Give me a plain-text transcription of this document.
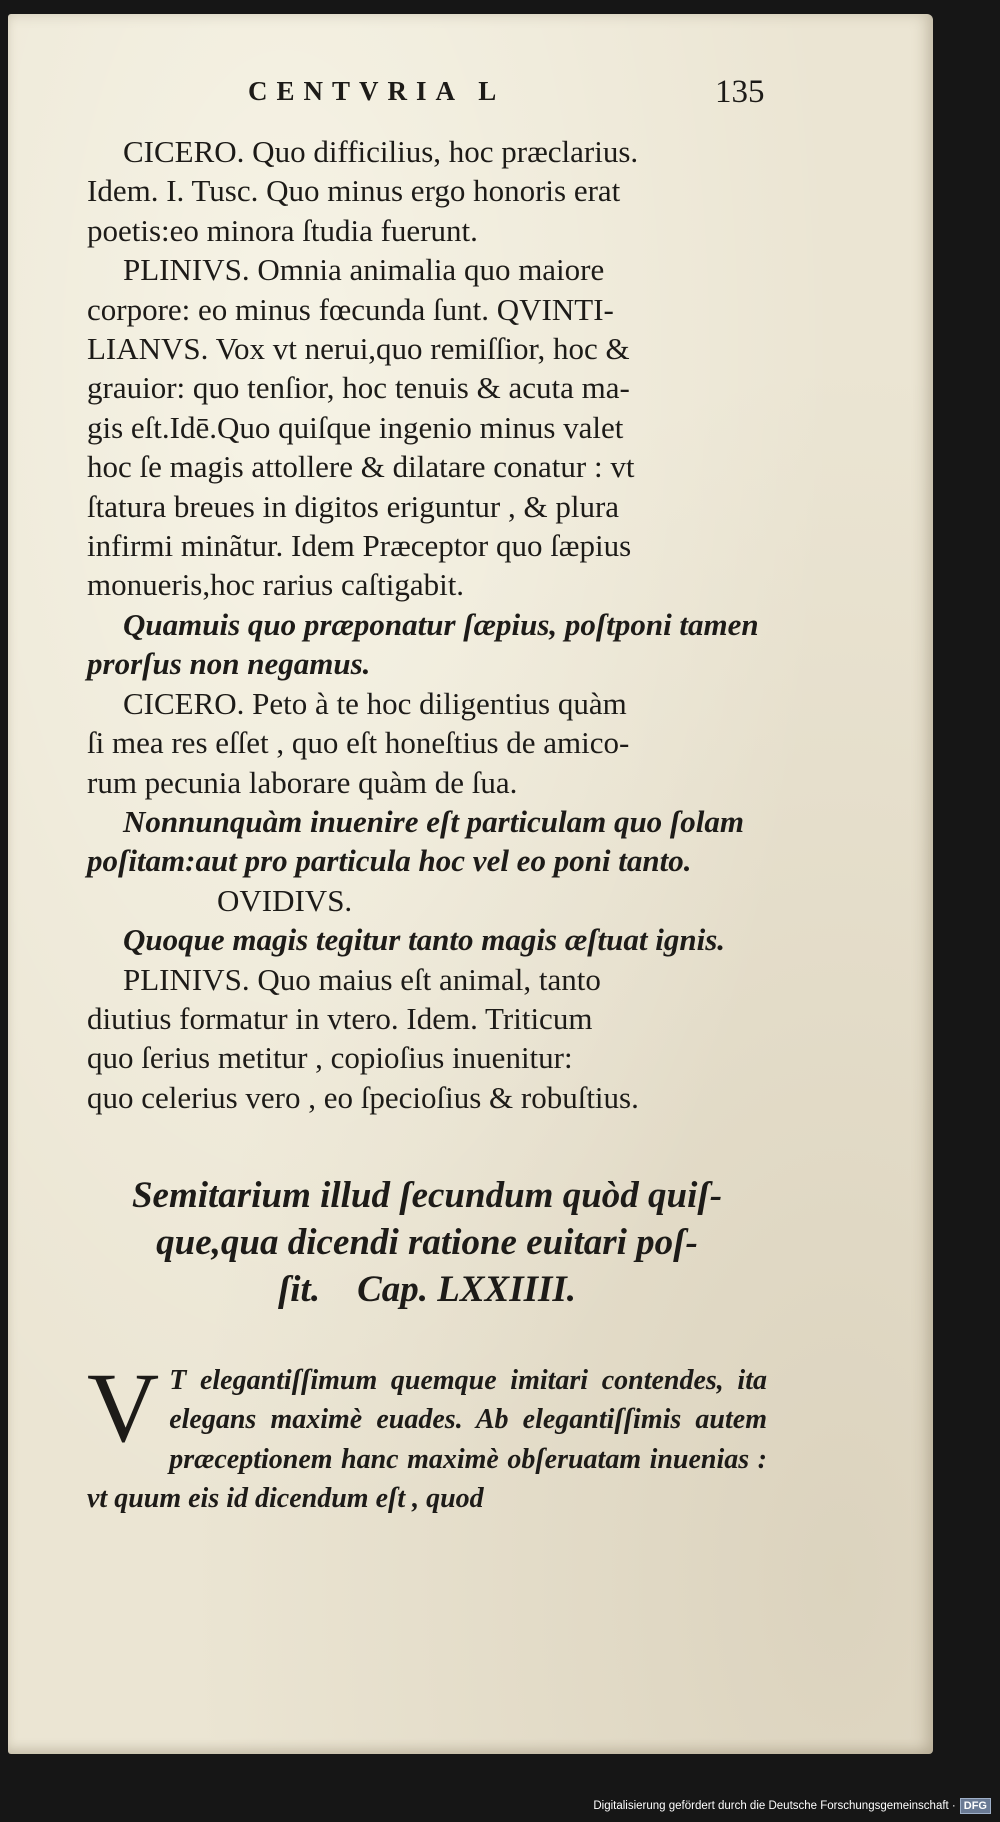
CENTVRIA L	135

CICERO. Quo difficilius, hoc præclarius.

Idem. I. Tusc. Quo minus ergo honoris erat

poetis:eo minora ſtudia fuerunt.

PLINIVS. Omnia animalia quo maiore

corpore: eo minus fœcunda ſunt. QVINTI-

LIANVS. Vox vt nerui,quo remiſſior, hoc &

grauior: quo tenſior, hoc tenuis & acuta ma-

gis eſt.Idē.Quo quiſque ingenio minus valet

hoc ſe magis attollere & dilatare conatur : vt

ſtatura breues in digitos eriguntur , & plura

infirmi minãtur. Idem Præceptor quo ſæpius

monueris,hoc rarius caſtigabit.

Quamuis quo præponatur ſæpius, poſtponi tamen

prorſus non negamus.

CICERO. Peto à te hoc diligentius quàm

ſi mea res eſſet , quo eſt honeſtius de amico-

rum pecunia laborare quàm de ſua.

Nonnunquàm inuenire eſt particulam quo ſolam

poſitam:aut pro particula hoc vel eo poni tanto.

OVIDIVS.

Quoque magis tegitur tanto magis æſtuat ignis.

PLINIVS. Quo maius eſt animal, tanto

diutius formatur in vtero. Idem. Triticum

quo ſerius metitur , copioſius inuenitur:

quo celerius vero , eo ſpecioſius & robuſtius.

Semitarium illud ſecundum quòd quiſ-
que,qua dicendi ratione euitari poſ-
ſit.    Cap. LXXIIII.
V T elegantiſſimum quemque imitari contendes, ita elegans maximè euades. Ab elegantiſſimis autem præceptionem hanc maximè obſeruatam inuenias : vt quum eis id dicendum eſt , quod
Digitalisierung gefördert durch die Deutsche Forschungsgemeinschaft · DFG
